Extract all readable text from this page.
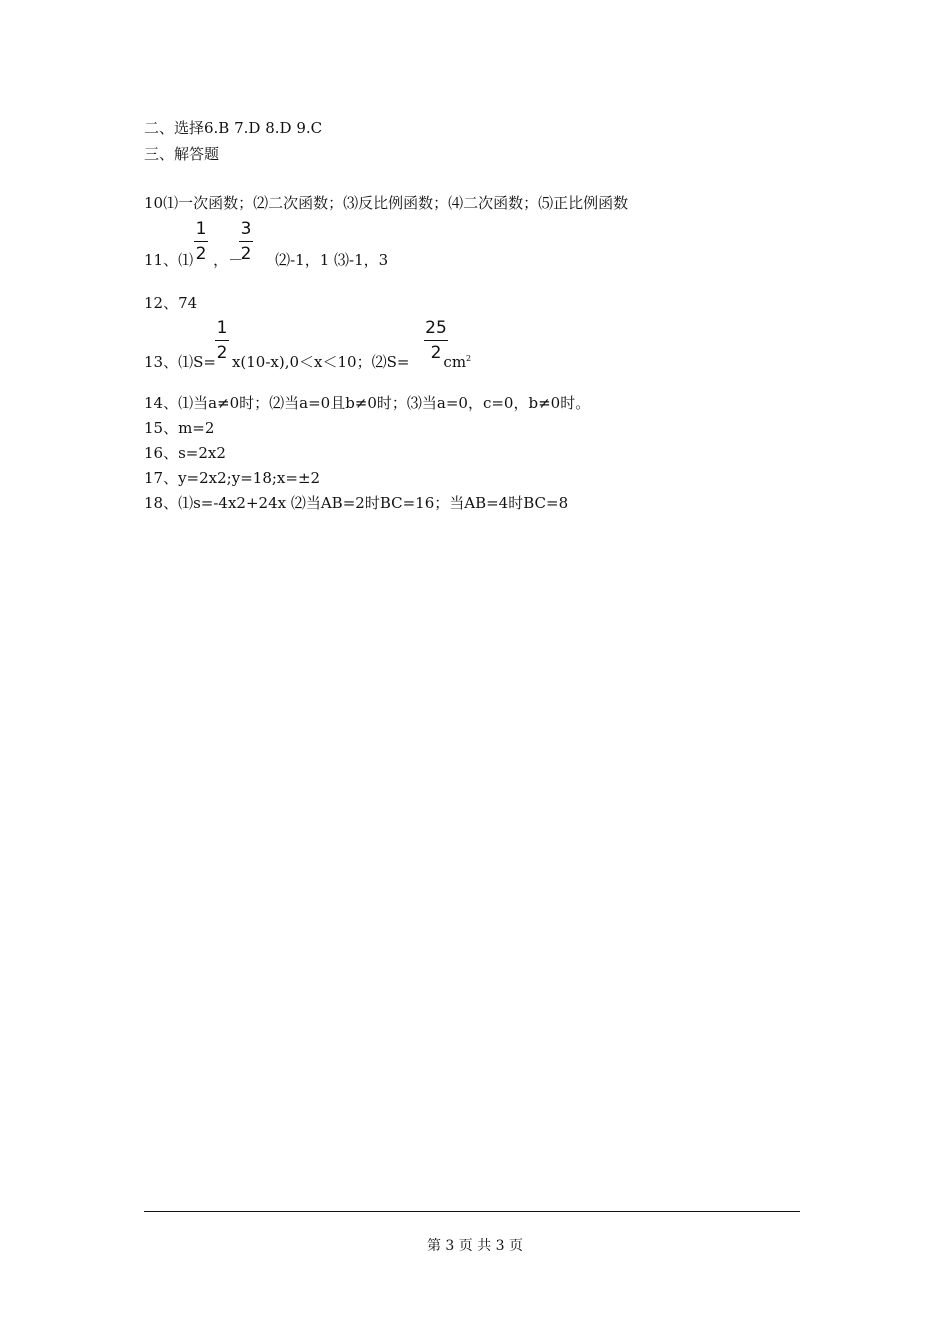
二、选择6.B 7.D 8.D 9.C
三、解答题
10⑴一次函数；⑵二次函数；⑶反比例函数；⑷二次函数；⑸正比例函数
11、⑴ ，－ ⑵-1，1 ⑶-1，3
1
2
3
2
12、74
13、⑴S= x(10-x),0＜x＜10；⑵S= $cm^2$
1
2
25
2
14、⑴当a≠0时；⑵当a=0且b≠0时；⑶当a=0，c=0，b≠0时。
15、m=2
16、s=2x2
17、y=2x2;y=18;x=±2
18、⑴s=-4x2+24x ⑵当AB=2时BC=16；当AB=4时BC=8
第 3 页 共 3 页
